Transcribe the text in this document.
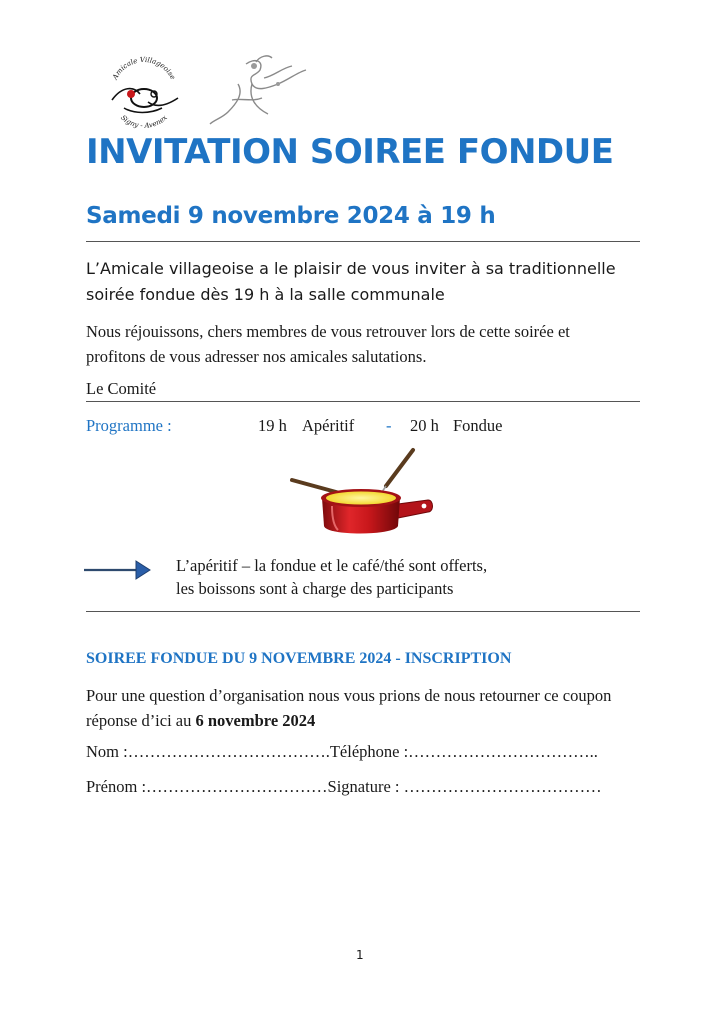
Amicale Villageoise
Signy - Avenex
INVITATION SOIREE FONDUE
Samedi 9 novembre 2024 à 19 h
L’Amicale villageoise a le plaisir de vous inviter à sa traditionnelle
soirée fondue dès 19 h à la salle communale
Nous réjouissons, chers membres de vous retrouver lors de cette soirée et
profitons de vous adresser nos amicales salutations.
Le Comité
Programme :	19 h Apéritif - 20 h Fondue
L’apéritif – la fondue et le café/thé sont offerts,
les boissons sont à charge des participants
SOIREE FONDUE DU 9 NOVEMBRE 2024 - INSCRIPTION
Pour une question d’organisation nous vous prions de nous retourner ce coupon
réponse d’ici au 6 novembre 2024
Nom :……………………………….Téléphone :……………………………..
Prénom :……………………………Signature : ………………………………
1
